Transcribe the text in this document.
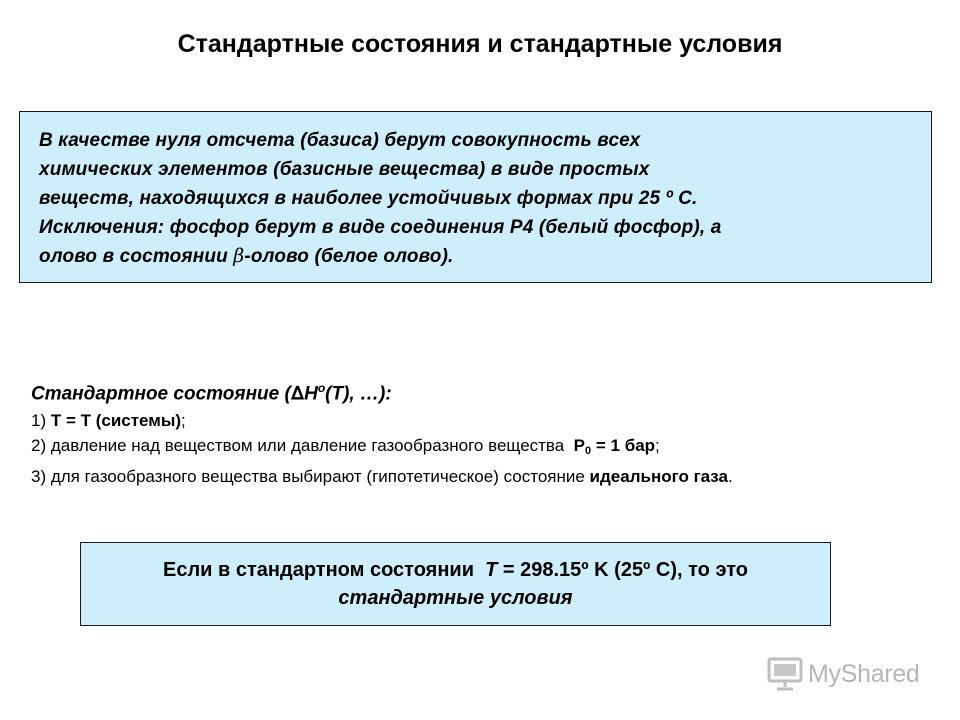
Стандартные состояния и стандартные условия
В качестве нуля отсчета (базиса) берут совокупность всех
химических элементов (базисные вещества) в виде простых
веществ, находящихся в наиболее устойчивых формах при 25 º С.
Исключения: фосфор берут в виде соединения Р4 (белый фосфор), а
олово в состоянии β-олово (белое олово).
Стандартное состояние ($\Delta H^o(T)$, …):
1) Т = Т (системы);
2) давление над веществом или давление газообразного вещества  $Р_0 = 1$ бар;
3) для газообразного вещества выбирают (гипотетическое) состояние идеального газа.
Если в стандартном состоянии  Т = 298.15º K (25º C), то это
стандартные условия
MyShared
